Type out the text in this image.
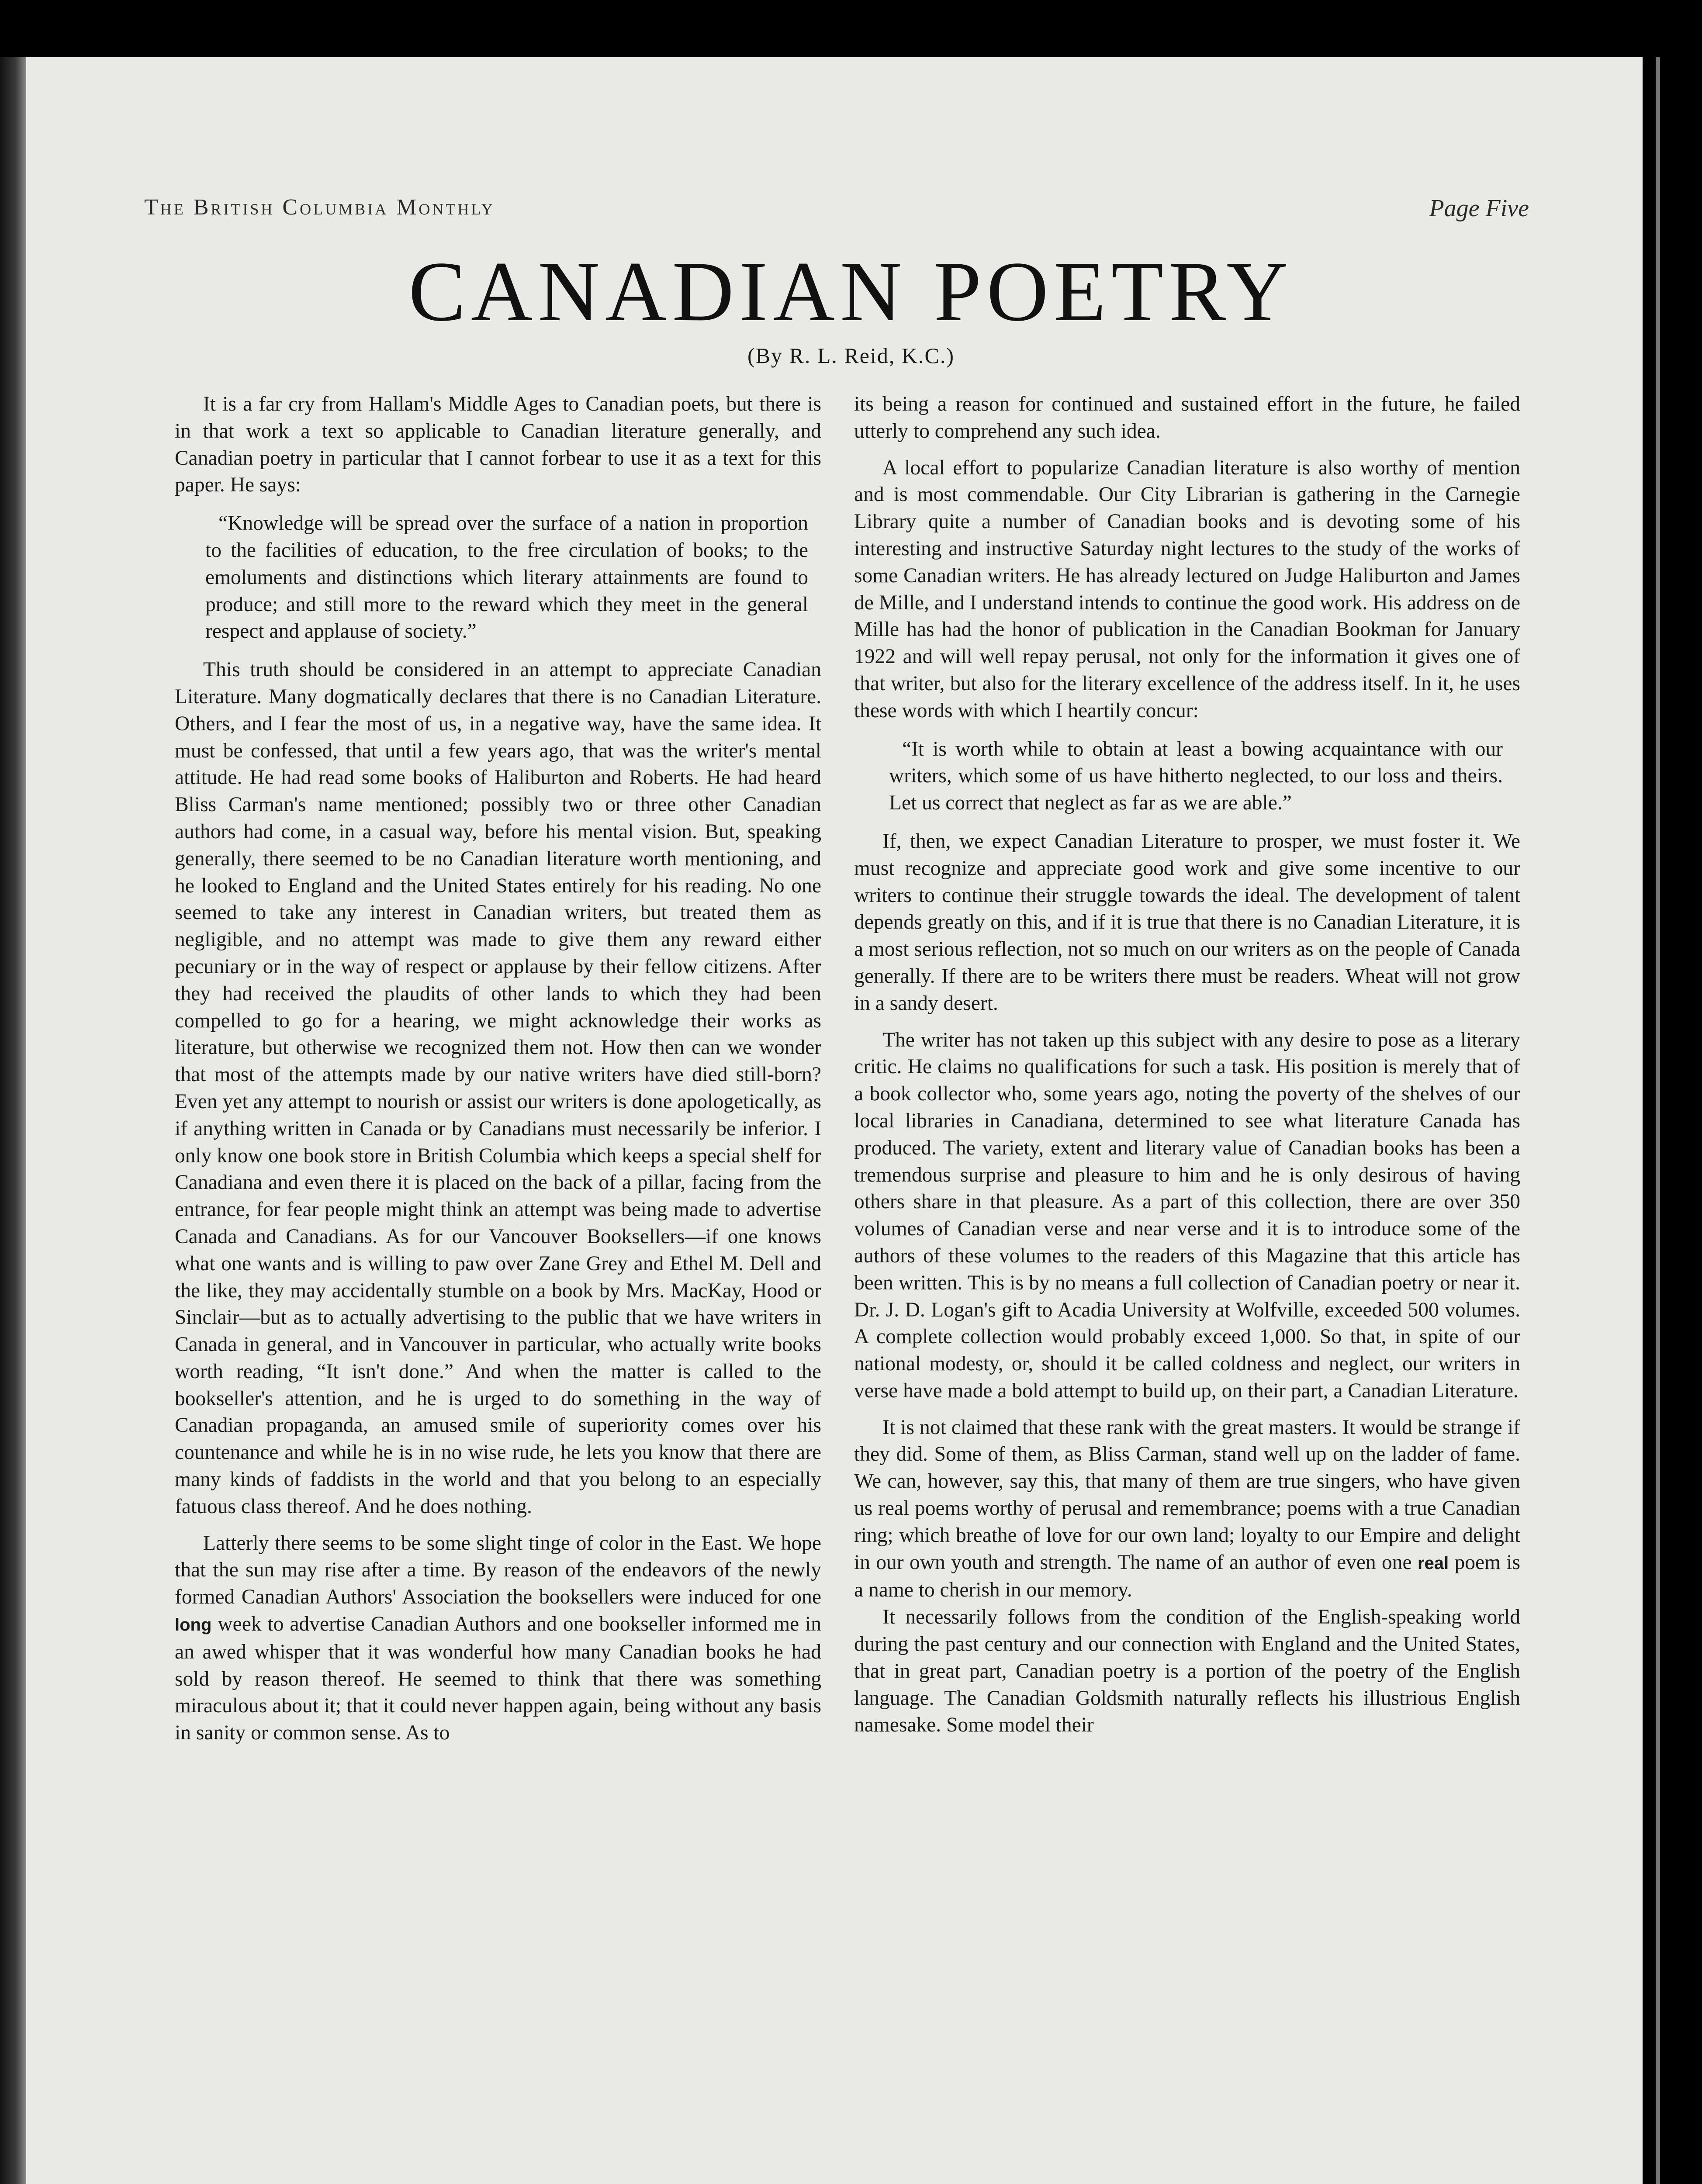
The British Columbia Monthly	Page Five
CANADIAN POETRY
(By R. L. Reid, K.C.)

It is a far cry from Hallam's Middle Ages to Canadian poets, but there is in that work a text so applicable to Canadian literature generally, and Canadian poetry in particular that I cannot forbear to use it as a text for this paper. He says:

“Knowledge will be spread over the surface of a nation in proportion to the facilities of education, to the free circulation of books; to the emoluments and distinctions which literary attainments are found to produce; and still more to the reward which they meet in the general respect and applause of society.”

This truth should be considered in an attempt to appreciate Canadian Literature. Many dogmatically declares that there is no Canadian Literature. Others, and I fear the most of us, in a negative way, have the same idea. It must be confessed, that until a few years ago, that was the writer's mental attitude. He had read some books of Haliburton and Roberts. He had heard Bliss Carman's name mentioned; possibly two or three other Canadian authors had come, in a casual way, before his mental vision. But, speaking generally, there seemed to be no Canadian literature worth mentioning, and he looked to England and the United States entirely for his reading. No one seemed to take any interest in Canadian writers, but treated them as negligible, and no attempt was made to give them any reward either pecuniary or in the way of respect or applause by their fellow citizens. After they had received the plaudits of other lands to which they had been compelled to go for a hearing, we might acknowledge their works as literature, but otherwise we recognized them not. How then can we wonder that most of the attempts made by our native writers have died still-born? Even yet any attempt to nourish or assist our writers is done apologetically, as if anything written in Canada or by Canadians must necessarily be inferior. I only know one book store in British Columbia which keeps a special shelf for Canadiana and even there it is placed on the back of a pillar, facing from the entrance, for fear people might think an attempt was being made to advertise Canada and Canadians. As for our Vancouver Booksellers—if one knows what one wants and is willing to paw over Zane Grey and Ethel M. Dell and the like, they may accidentally stumble on a book by Mrs. MacKay, Hood or Sinclair—but as to actually advertising to the public that we have writers in Canada in general, and in Vancouver in particular, who actually write books worth reading, “It isn't done.” And when the matter is called to the bookseller's attention, and he is urged to do something in the way of Canadian propaganda, an amused smile of superiority comes over his countenance and while he is in no wise rude, he lets you know that there are many kinds of faddists in the world and that you belong to an especially fatuous class thereof. And he does nothing.

Latterly there seems to be some slight tinge of color in the East. We hope that the sun may rise after a time. By reason of the endeavors of the newly formed Canadian Authors' Association the booksellers were induced for one long week to advertise Canadian Authors and one bookseller informed me in an awed whisper that it was wonderful how many Canadian books he had sold by reason thereof. He seemed to think that there was something miraculous about it; that it could never happen again, being without any basis in sanity or common sense. As to

its being a reason for continued and sustained effort in the future, he failed utterly to comprehend any such idea.

A local effort to popularize Canadian literature is also worthy of mention and is most commendable. Our City Librarian is gathering in the Carnegie Library quite a number of Canadian books and is devoting some of his interesting and instructive Saturday night lectures to the study of the works of some Canadian writers. He has already lectured on Judge Haliburton and James de Mille, and I understand intends to continue the good work. His address on de Mille has had the honor of publication in the Canadian Bookman for January 1922 and will well repay perusal, not only for the information it gives one of that writer, but also for the literary excellence of the address itself. In it, he uses these words with which I heartily concur:

“It is worth while to obtain at least a bowing acquaintance with our writers, which some of us have hitherto neglected, to our loss and theirs. Let us correct that neglect as far as we are able.”

If, then, we expect Canadian Literature to prosper, we must foster it. We must recognize and appreciate good work and give some incentive to our writers to continue their struggle towards the ideal. The development of talent depends greatly on this, and if it is true that there is no Canadian Literature, it is a most serious reflection, not so much on our writers as on the people of Canada generally. If there are to be writers there must be readers. Wheat will not grow in a sandy desert.

The writer has not taken up this subject with any desire to pose as a literary critic. He claims no qualifications for such a task. His position is merely that of a book collector who, some years ago, noting the poverty of the shelves of our local libraries in Canadiana, determined to see what literature Canada has produced. The variety, extent and literary value of Canadian books has been a tremendous surprise and pleasure to him and he is only desirous of having others share in that pleasure. As a part of this collection, there are over 350 volumes of Canadian verse and near verse and it is to introduce some of the authors of these volumes to the readers of this Magazine that this article has been written. This is by no means a full collection of Canadian poetry or near it. Dr. J. D. Logan's gift to Acadia University at Wolfville, exceeded 500 volumes. A complete collection would probably exceed 1,000. So that, in spite of our national modesty, or, should it be called coldness and neglect, our writers in verse have made a bold attempt to build up, on their part, a Canadian Literature.

It is not claimed that these rank with the great masters. It would be strange if they did. Some of them, as Bliss Carman, stand well up on the ladder of fame. We can, however, say this, that many of them are true singers, who have given us real poems worthy of perusal and remembrance; poems with a true Canadian ring; which breathe of love for our own land; loyalty to our Empire and delight in our own youth and strength. The name of an author of even one real poem is a name to cherish in our memory.

It necessarily follows from the condition of the English-speaking world during the past century and our connection with England and the United States, that in great part, Canadian poetry is a portion of the poetry of the English language. The Canadian Goldsmith naturally reflects his illustrious English namesake. Some model their
